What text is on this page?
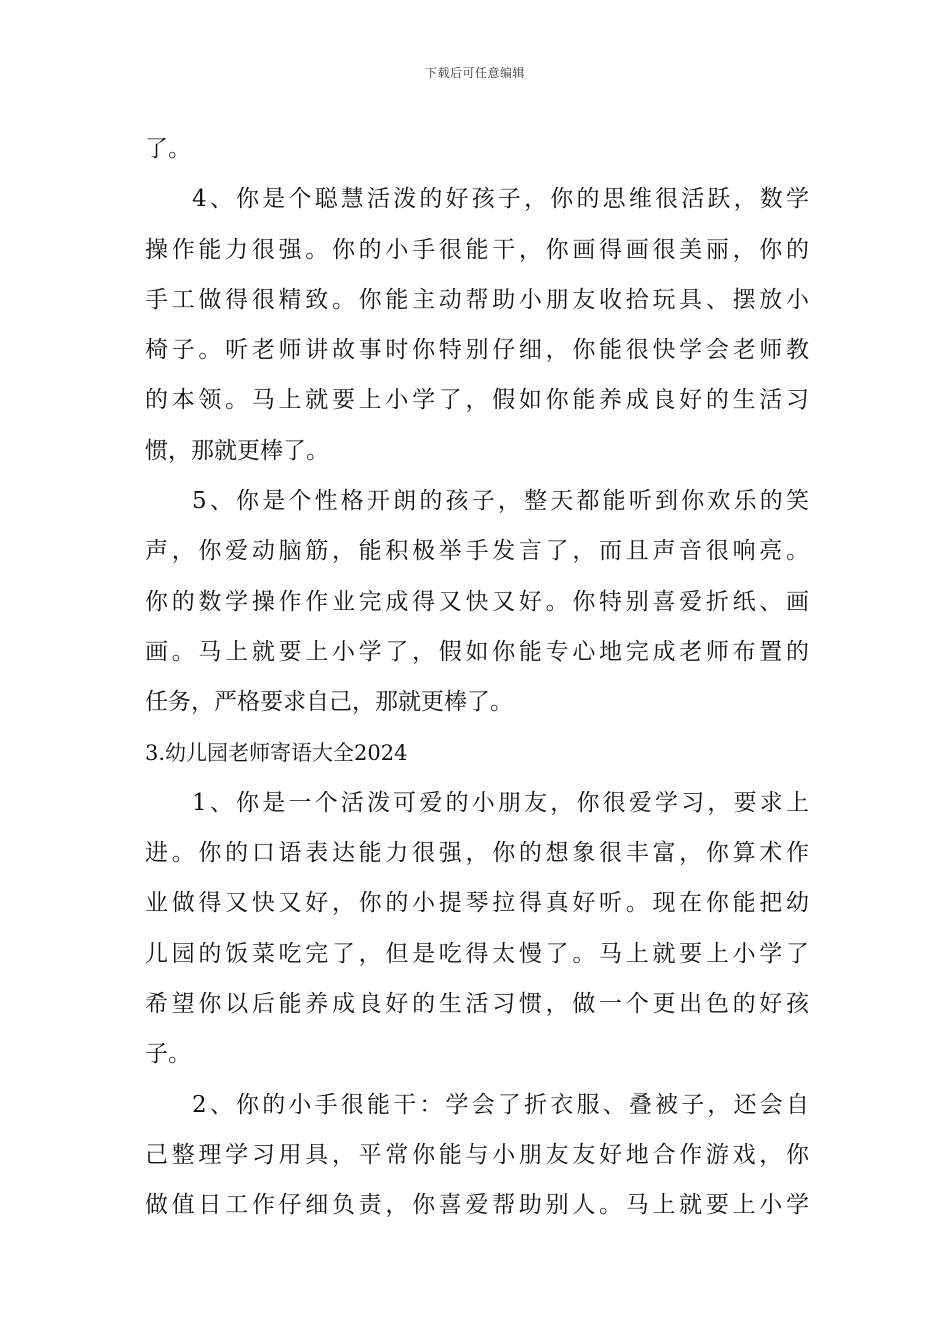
下载后可任意编辑
了。
4、你是个聪慧活泼的好孩子，你的思维很活跃，数学
操作能力很强。你的小手很能干，你画得画很美丽，你的
手工做得很精致。你能主动帮助小朋友收拾玩具、摆放小
椅子。听老师讲故事时你特别仔细，你能很快学会老师教
的本领。马上就要上小学了，假如你能养成良好的生活习
惯，那就更棒了。
5、你是个性格开朗的孩子，整天都能听到你欢乐的笑
声，你爱动脑筋，能积极举手发言了，而且声音很响亮。
你的数学操作作业完成得又快又好。你特别喜爱折纸、画
画。马上就要上小学了，假如你能专心地完成老师布置的
任务，严格要求自己，那就更棒了。
3.幼儿园老师寄语大全2024
1、你是一个活泼可爱的小朋友，你很爱学习，要求上
进。你的口语表达能力很强，你的想象很丰富，你算术作
业做得又快又好，你的小提琴拉得真好听。现在你能把幼
儿园的饭菜吃完了，但是吃得太慢了。马上就要上小学了
希望你以后能养成良好的生活习惯，做一个更出色的好孩
子。
2、你的小手很能干：学会了折衣服、叠被子，还会自
己整理学习用具，平常你能与小朋友友好地合作游戏，你
做值日工作仔细负责，你喜爱帮助别人。马上就要上小学
